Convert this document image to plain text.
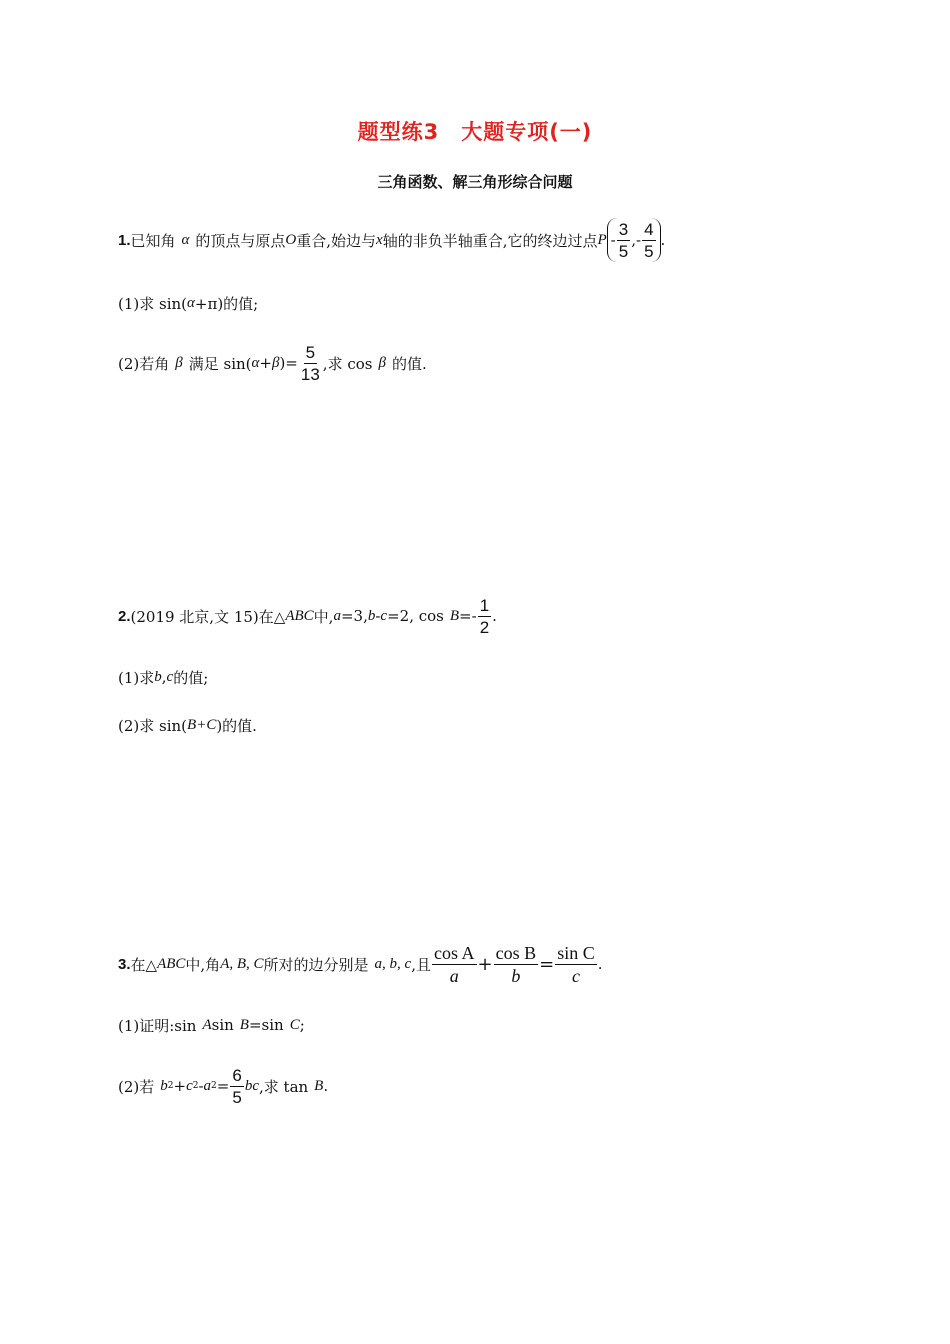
题型练3　大题专项(一)
三角函数、解三角形综合问题
1. 已知角 α 的顶点与原点 O 重合,始边与 x 轴的非负半轴重合,它的终边过点 P - $\frac{3}{5}$ ,- $\frac{4}{5}$ .
(1)求 sin( α +π)的值;
(2)若角 β 满足 sin( α + β )= $\frac{5}{13}$ ,求 cos β 的值.
2. (2019 北京,文 15)在△ ABC 中, a =3, b - c =2, $\cos B =- \frac{1}{2}$ .
(1)求 b , c 的值;
(2)求 sin( B+C )的值.
3. 在△ ABC 中,角 A, B, C 所对的边分别是 a, b, c ,且 $\frac{\text{cos A}}{a} + \frac{\text{cos B}}{b} = \frac{\text{sin C}}{c}$ .
(1)证明:sin A sin B =sin C ;
(2)若 b 2 + c 2 - a $2 = \frac{6}{5}$ bc ,求 tan B .
